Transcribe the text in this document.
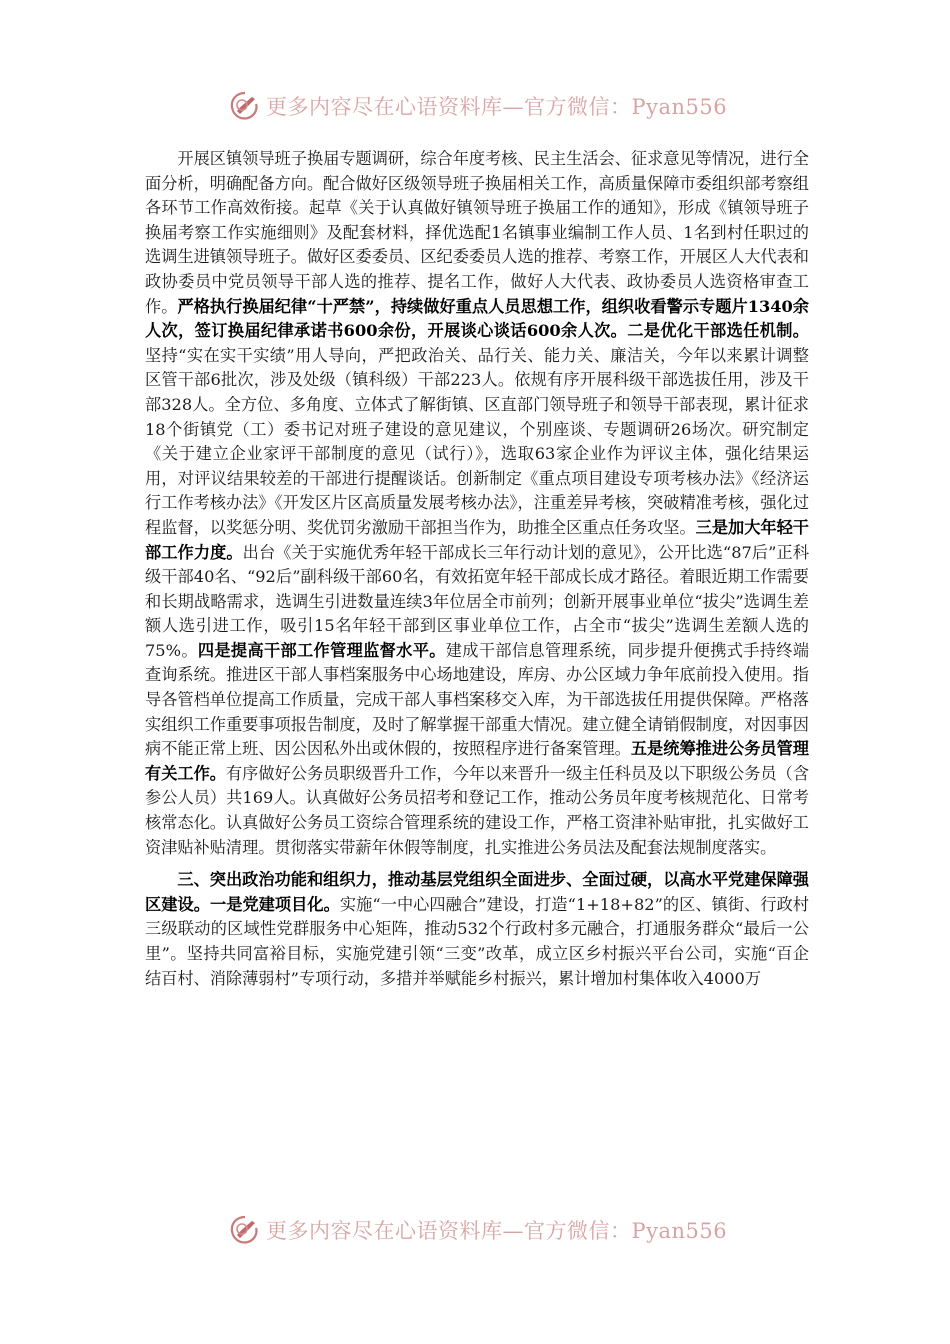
更多内容尽在心语资料库—官方微信：Pyan556

开展区镇领导班子换届专题调研，综合年度考核、民主生活会、征求意见等情况，进行全面分析，明确配备方向。配合做好区级领导班子换届相关工作，高质量保障市委组织部考察组各环节工作高效衔接。起草《关于认真做好镇领导班子换届工作的通知》，形成《镇领导班子换届考察工作实施细则》及配套材料，择优选配1名镇事业编制工作人员、1名到村任职过的选调生进镇领导班子。做好区委委员、区纪委委员人选的推荐、考察工作，开展区人大代表和政协委员中党员领导干部人选的推荐、提名工作，做好人大代表、政协委员人选资格审查工作。严格执行换届纪律“十严禁”，持续做好重点人员思想工作，组织收看警示专题片1340余人次，签订换届纪律承诺书600余份，开展谈心谈话600余人次。二是优化干部选任机制。坚持“实在实干实绩”用人导向，严把政治关、品行关、能力关、廉洁关，今年以来累计调整区管干部6批次，涉及处级（镇科级）干部223人。依规有序开展科级干部选拔任用，涉及干部328人。全方位、多角度、立体式了解街镇、区直部门领导班子和领导干部表现，累计征求18个街镇党（工）委书记对班子建设的意见建议，个别座谈、专题调研26场次。研究制定《关于建立企业家评干部制度的意见（试行）》，选取63家企业作为评议主体，强化结果运用，对评议结果较差的干部进行提醒谈话。创新制定《重点项目建设专项考核办法》《经济运行工作考核办法》《开发区片区高质量发展考核办法》，注重差异考核，突破精准考核，强化过程监督，以奖惩分明、奖优罚劣激励干部担当作为，助推全区重点任务攻坚。三是加大年轻干部工作力度。出台《关于实施优秀年轻干部成长三年行动计划的意见》，公开比选“87后”正科级干部40名、“92后”副科级干部60名，有效拓宽年轻干部成长成才路径。着眼近期工作需要和长期战略需求，选调生引进数量连续3年位居全市前列；创新开展事业单位“拔尖”选调生差额人选引进工作，吸引15名年轻干部到区事业单位工作，占全市“拔尖”选调生差额人选的75%。四是提高干部工作管理监督水平。建成干部信息管理系统，同步提升便携式手持终端查询系统。推进区干部人事档案服务中心场地建设，库房、办公区域力争年底前投入使用。指导各管档单位提高工作质量，完成干部人事档案移交入库，为干部选拔任用提供保障。严格落实组织工作重要事项报告制度，及时了解掌握干部重大情况。建立健全请销假制度，对因事因病不能正常上班、因公因私外出或休假的，按照程序进行备案管理。五是统筹推进公务员管理有关工作。有序做好公务员职级晋升工作，今年以来晋升一级主任科员及以下职级公务员（含参公人员）共169人。认真做好公务员招考和登记工作，推动公务员年度考核规范化、日常考核常态化。认真做好公务员工资综合管理系统的建设工作，严格工资津补贴审批，扎实做好工资津贴补贴清理。贯彻落实带薪年休假等制度，扎实推进公务员法及配套法规制度落实。

三、突出政治功能和组织力，推动基层党组织全面进步、全面过硬，以高水平党建保障强区建设。一是党建项目化。实施“一中心四融合”建设，打造“1+18+82”的区、镇街、行政村三级联动的区域性党群服务中心矩阵，推动532个行政村多元融合，打通服务群众“最后一公里”。坚持共同富裕目标，实施党建引领“三变”改革，成立区乡村振兴平台公司，实施“百企结百村、消除薄弱村”专项行动，多措并举赋能乡村振兴，累计增加村集体收入4000万

更多内容尽在心语资料库—官方微信：Pyan556
